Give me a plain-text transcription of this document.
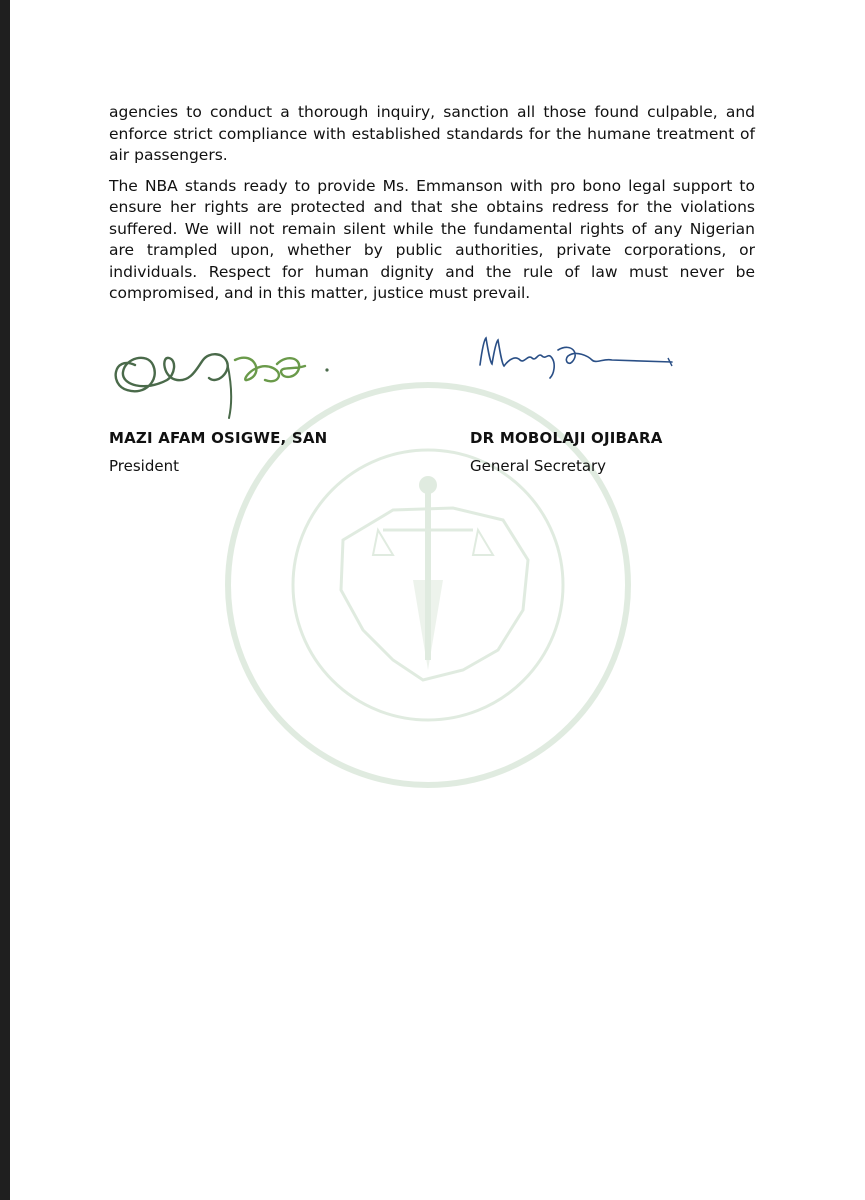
agencies to conduct a thorough inquiry, sanction all those found culpable, and enforce strict compliance with established standards for the humane treatment of air passengers.

The NBA stands ready to provide Ms. Emmanson with pro bono legal support to ensure her rights are protected and that she obtains redress for the violations suffered. We will not remain silent while the fundamental rights of any Nigerian are trampled upon, whether by public authorities, private corporations, or individuals. Respect for human dignity and the rule of law must never be compromised, and in this matter, justice must prevail.

MAZI AFAM OSIGWE, SAN
President
DR MOBOLAJI OJIBARA
General Secretary
